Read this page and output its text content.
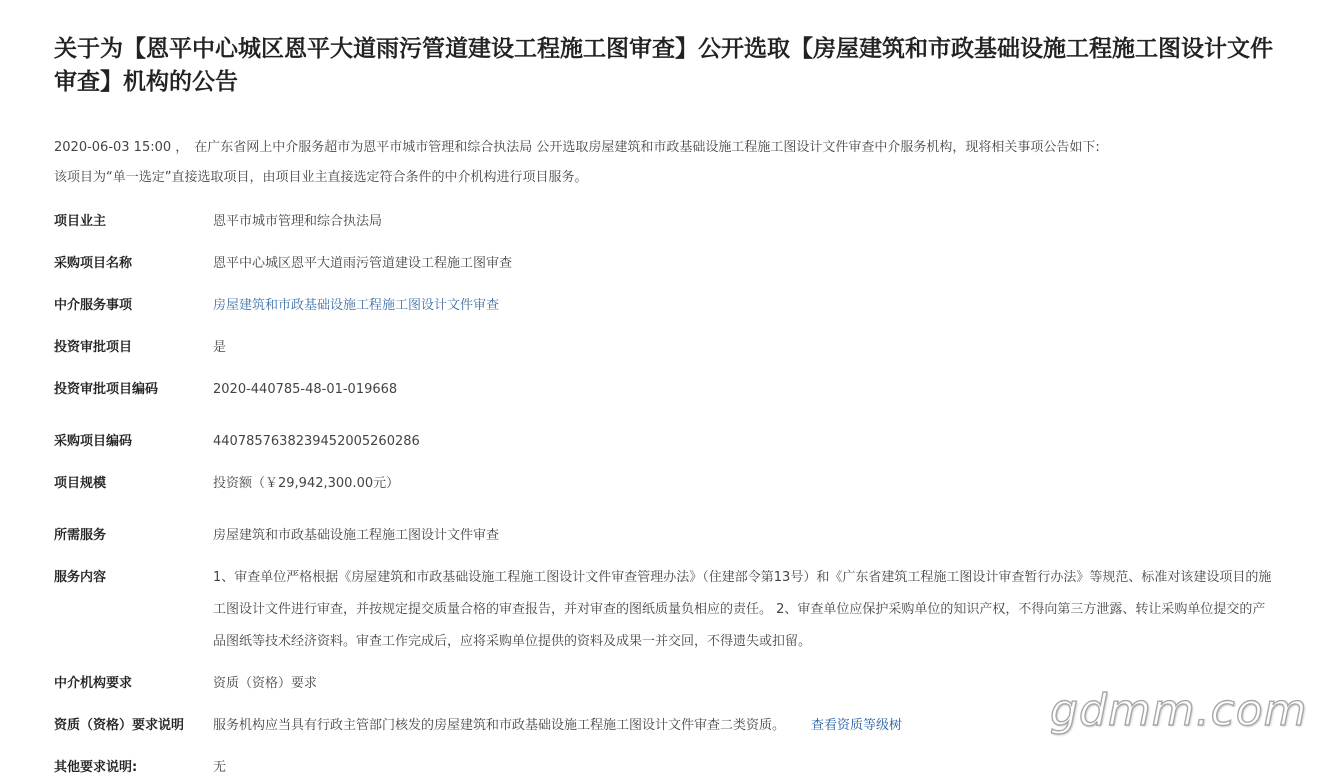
关于为【恩平中心城区恩平大道雨污管道建设工程施工图审查】公开选取【房屋建筑和市政基础设施工程施工图设计文件审查】机构的公告
2020-06-03 15:00 ， 在广东省网上中介服务超市为恩平市城市管理和综合执法局 公开选取房屋建筑和市政基础设施工程施工图设计文件审查中介服务机构，现将相关事项公告如下:
该项目为“单一选定”直接选取项目，由项目业主直接选定符合条件的中介机构进行项目服务。
项目业主	恩平市城市管理和综合执法局
采购项目名称	恩平中心城区恩平大道雨污管道建设工程施工图审查
中介服务事项	房屋建筑和市政基础设施工程施工图设计文件审查
投资审批项目	是
投资审批项目编码	2020-440785-48-01-019668
采购项目编码	440785763823945200526028​6
项目规模	投资额（￥29,942,300.00元）
所需服务	房屋建筑和市政基础设施工程施工图设计文件审查
服务内容	1、审查单位严格根据《房屋建筑和市政基础设施工程施工图设计文件审查管理办法》（住建部令第13号）和《广东省建筑工程施工图设计审查暂行办法》等规范、标准对该建设项目的施工图设计文件进行审查，并按规定提交质量合格的审查报告，并对审查的图纸质量负相应的责任。 2、审查单位应保护采购单位的知识产权，不得向第三方泄露、转让采购单位提交的产品图纸等技术经济资料。审查工作完成后，应将采购单位提供的资料及成果一并交回，不得遗失或扣留。
中介机构要求	资质（资格）要求
资质（资格）要求说明	服务机构应当具有行政主管部门核发的房屋建筑和市政基础设施工程施工图设计文件审查二类资质。 查看资质等级树
其他要求说明:	无
gdmm.com
